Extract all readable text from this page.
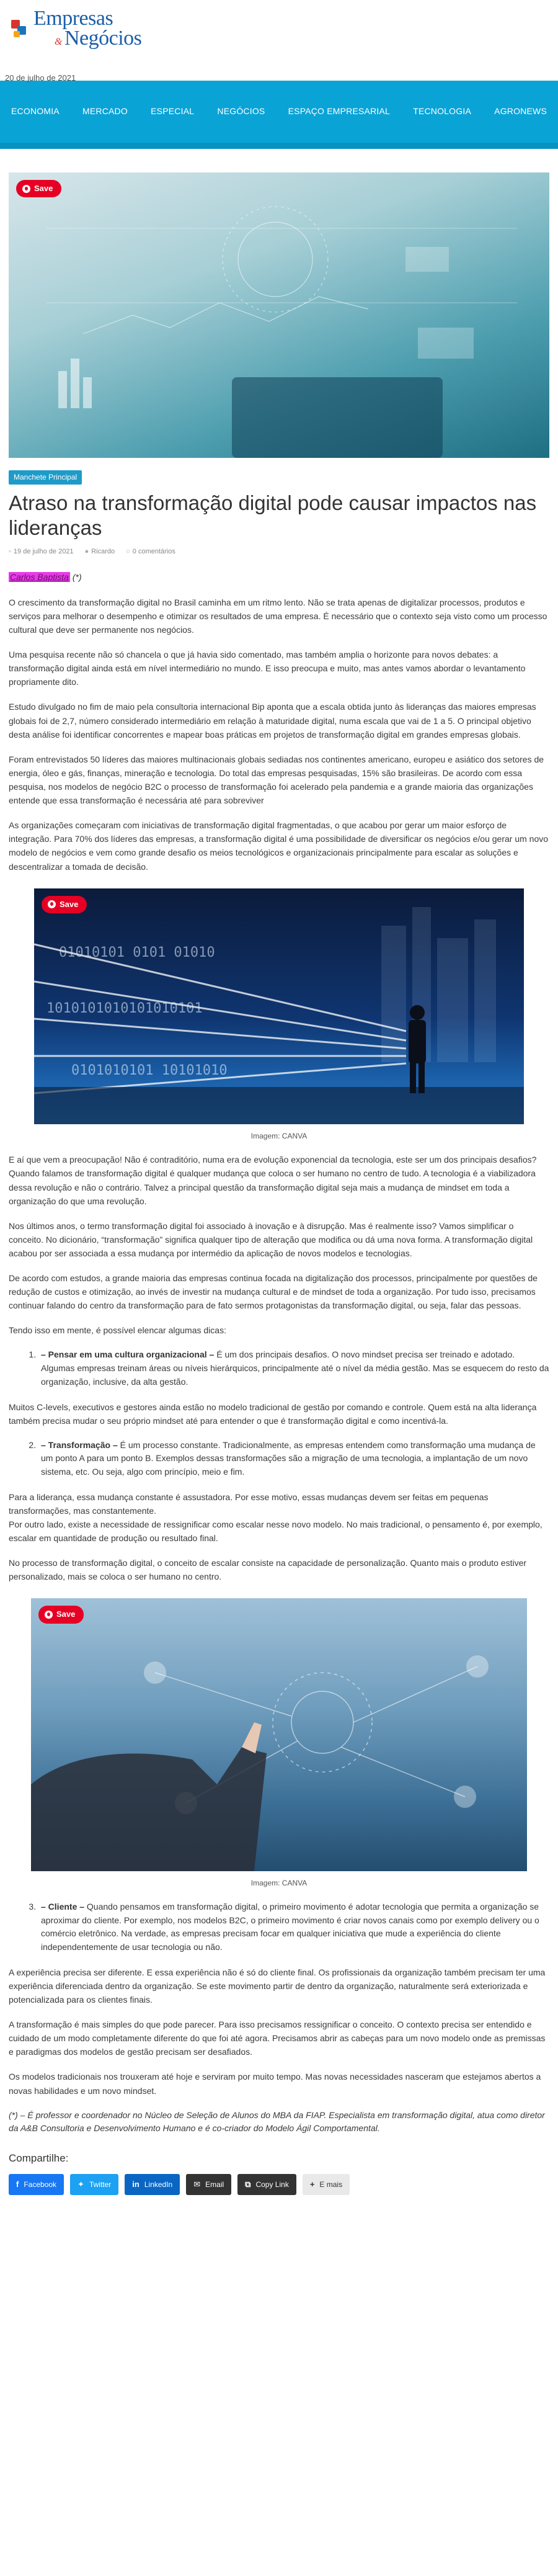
Empresas
& Negócios
20 de julho de 2021
ECONOMIA	MERCADO	ESPECIAL	NEGÓCIOS	ESPAÇO EMPRESARIAL	TECNOLOGIA	AGRONEWS
Save
Manchete Principal
Atraso na transformação digital pode causar impactos nas lideranças
▫ 19 de julho de 2021 ● Ricardo ○ 0 comentários
Carlos Baptista (*)

O crescimento da transformação digital no Brasil caminha em um ritmo lento. Não se trata apenas de digitalizar processos, produtos e serviços para melhorar o desempenho e otimizar os resultados de uma empresa. É necessário que o contexto seja visto como um processo cultural que deve ser permanente nos negócios.

Uma pesquisa recente não só chancela o que já havia sido comentado, mas também amplia o horizonte para novos debates: a transformação digital ainda está em nível intermediário no mundo. E isso preocupa e muito, mas antes vamos abordar o levantamento propriamente dito.

Estudo divulgado no fim de maio pela consultoria internacional Bip aponta que a escala obtida junto às lideranças das maiores empresas globais foi de 2,7, número considerado intermediário em relação à maturidade digital, numa escala que vai de 1 a 5. O principal objetivo desta análise foi identificar concorrentes e mapear boas práticas em projetos de transformação digital em grandes empresas globais.

Foram entrevistados 50 líderes das maiores multinacionais globais sediadas nos continentes americano, europeu e asiático dos setores de energia, óleo e gás, finanças, mineração e tecnologia. Do total das empresas pesquisadas, 15% são brasileiras. De acordo com essa pesquisa, nos modelos de negócio B2C o processo de transformação foi acelerado pela pandemia e a grande maioria das organizações entende que essa transformação é necessária até para sobreviver

As organizações começaram com iniciativas de transformação digital fragmentadas, o que acabou por gerar um maior esforço de integração. Para 70% dos líderes das empresas, a transformação digital é uma possibilidade de diversificar os negócios e/ou gerar um novo modelo de negócios e vem como grande desafio os meios tecnológicos e organizacionais principalmente para escalar as soluções e descentralizar a tomada de decisão.

01010101 0101 01010
1010101010101010101
0101010101 10101010
Save
Imagem: CANVA

E aí que vem a preocupação! Não é contraditório, numa era de evolução exponencial da tecnologia, este ser um dos principais desafios? Quando falamos de transformação digital é qualquer mudança que coloca o ser humano no centro de tudo. A tecnologia é a viabilizadora dessa revolução e não o contrário. Talvez a principal questão da transformação digital seja mais a mudança de mindset em toda a organização do que uma revolução.

Nos últimos anos, o termo transformação digital foi associado à inovação e à disrupção. Mas é realmente isso? Vamos simplificar o conceito. No dicionário, “transformação” significa qualquer tipo de alteração que modifica ou dá uma nova forma. A transformação digital acabou por ser associada a essa mudança por intermédio da aplicação de novos modelos e tecnologias.

De acordo com estudos, a grande maioria das empresas continua focada na digitalização dos processos, principalmente por questões de redução de custos e otimização, ao invés de investir na mudança cultural e de mindset de toda a organização. Por tudo isso, precisamos continuar falando do centro da transformação para de fato sermos protagonistas da transformação digital, ou seja, falar das pessoas.

Tendo isso em mente, é possível elencar algumas dicas:

1. – Pensar em uma cultura organizacional – É um dos principais desafios. O novo mindset precisa ser treinado e adotado. Algumas empresas treinam áreas ou níveis hierárquicos, principalmente até o nível da média gestão. Mas se esquecem do resto da organização, inclusive, da alta gestão.

Muitos C-levels, executivos e gestores ainda estão no modelo tradicional de gestão por comando e controle. Quem está na alta liderança também precisa mudar o seu próprio mindset até para entender o que é transformação digital e como incentivá-la.

2. – Transformação – É um processo constante. Tradicionalmente, as empresas entendem como transformação uma mudança de um ponto A para um ponto B. Exemplos dessas transformações são a migração de uma tecnologia, a implantação de um novo sistema, etc. Ou seja, algo com princípio, meio e fim.

Para a liderança, essa mudança constante é assustadora. Por esse motivo, essas mudanças devem ser feitas em pequenas transformações, mas constantemente.
Por outro lado, existe a necessidade de ressignificar como escalar nesse novo modelo. No mais tradicional, o pensamento é, por exemplo, escalar em quantidade de produção ou resultado final.

No processo de transformação digital, o conceito de escalar consiste na capacidade de personalização. Quanto mais o produto estiver personalizado, mais se coloca o ser humano no centro.

Save
Imagem: CANVA
3. – Cliente – Quando pensamos em transformação digital, o primeiro movimento é adotar tecnologia que permita a organização se aproximar do cliente. Por exemplo, nos modelos B2C, o primeiro movimento é criar novos canais como por exemplo delivery ou o comércio eletrônico. Na verdade, as empresas precisam focar em qualquer iniciativa que mude a experiência do cliente independentemente de usar tecnologia ou não.

A experiência precisa ser diferente. E essa experiência não é só do cliente final. Os profissionais da organização também precisam ter uma experiência diferenciada dentro da organização. Se este movimento partir de dentro da organização, naturalmente será exteriorizada e potencializada para os clientes finais.

A transformação é mais simples do que pode parecer. Para isso precisamos ressignificar o conceito. O contexto precisa ser entendido e cuidado de um modo completamente diferente do que foi até agora. Precisamos abrir as cabeças para um novo modelo onde as premissas e paradigmas dos modelos de gestão precisam ser desafiados.

Os modelos tradicionais nos trouxeram até hoje e serviram por muito tempo. Mas novas necessidades nasceram que estejamos abertos a novas habilidades e um novo mindset.

(*) – É professor e coordenador no Núcleo de Seleção de Alunos do MBA da FIAP. Especialista em transformação digital, atua como diretor da A&B Consultoria e Desenvolvimento Humano e é co-criador do Modelo Ágil Comportamental.

Compartilhe:
f Facebook	✦ Twitter	in LinkedIn	✉ Email	⧉ Copy Link	+ E mais
